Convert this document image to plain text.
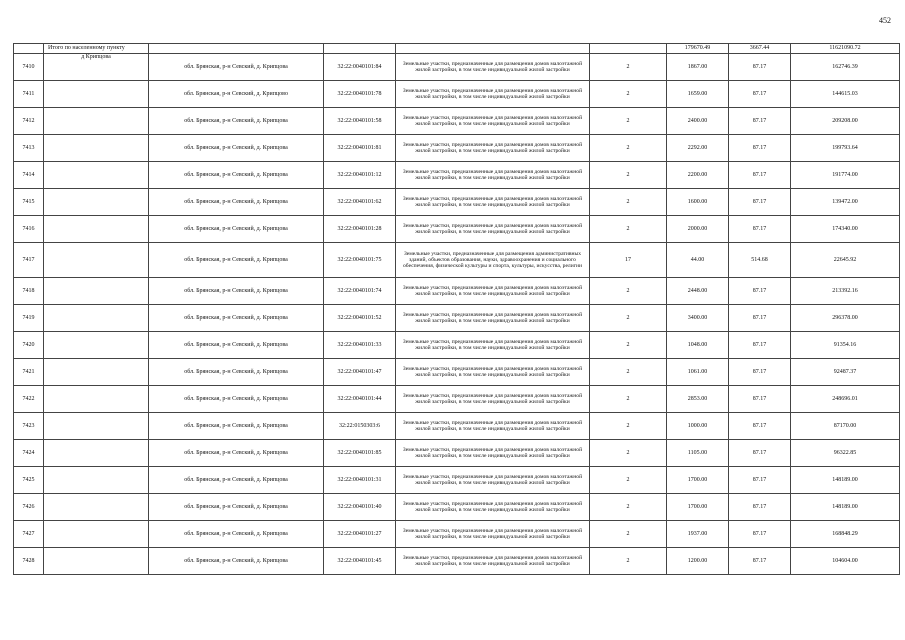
452
	Итого по населенному пункту					179670.49	3667.44	11621090.72
7410	д Крипцова	обл. Брянская, р-н Севский, д. Крипцова	32:22:0040101:84	Земельные участки, предназначенные для размещения домов малоэтажной жилой застройки, в том числе индивидуальной жилой застройки	2	1867.00	87.17	162746.39
7411		обл. Брянская, р-н Севский, д. Крипцово	32:22:0040101:78	Земельные участки, предназначенные для размещения домов малоэтажной жилой застройки, в том числе индивидуальной жилой застройки	2	1659.00	87.17	144615.03
7412		обл. Брянская, р-н Севский, д. Крипцова	32:22:0040101:58	Земельные участки, предназначенные для размещения домов малоэтажной жилой застройки, в том числе индивидуальной жилой застройки	2	2400.00	87.17	209208.00
7413		обл. Брянская, р-н Севский, д. Крипцова	32:22:0040101:81	Земельные участки, предназначенные для размещения домов малоэтажной жилой застройки, в том числе индивидуальной жилой застройки	2	2292.00	87.17	199793.64
7414		обл. Брянская, р-н Севский, д. Крипцова	32:22:0040101:12	Земельные участки, предназначенные для размещения домов малоэтажной жилой застройки, в том числе индивидуальной жилой застройки	2	2200.00	87.17	191774.00
7415		обл. Брянская, р-н Севский, д. Крипцова	32:22:0040101:62	Земельные участки, предназначенные для размещения домов малоэтажной жилой застройки, в том числе индивидуальной жилой застройки	2	1600.00	87.17	139472.00
7416		обл. Брянская, р-н Севский, д. Крипцова	32:22:0040101:28	Земельные участки, предназначенные для размещения домов малоэтажной жилой застройки, в том числе индивидуальной жилой застройки	2	2000.00	87.17	174340.00
7417		обл. Брянская, р-н Севский, д. Крипцова	32:22:0040101:75	Земельные участки, предназначенные для размещения административных зданий, объектов образования, науки, здравоохранения и социального обеспечения, физической культуры и спорта, культуры, искусства, религии	17	44.00	514.68	22645.92
7418		обл. Брянская, р-н Севский, д. Крипцова	32:22:0040101:74	Земельные участки, предназначенные для размещения домов малоэтажной жилой застройки, в том числе индивидуальной жилой застройки	2	2448.00	87.17	213392.16
7419		обл. Брянская, р-н Севский, д. Крипцова	32:22:0040101:52	Земельные участки, предназначенные для размещения домов малоэтажной жилой застройки, в том числе индивидуальной жилой застройки	2	3400.00	87.17	296378.00
7420		обл. Брянская, р-н Севский, д. Крипцова	32:22:0040101:33	Земельные участки, предназначенные для размещения домов малоэтажной жилой застройки, в том числе индивидуальной жилой застройки	2	1048.00	87.17	91354.16
7421		обл. Брянская, р-н Севский, д. Крипцова	32:22:0040101:47	Земельные участки, предназначенные для размещения домов малоэтажной жилой застройки, в том числе индивидуальной жилой застройки	2	1061.00	87.17	92487.37
7422		обл. Брянская, р-н Севский, д. Крипцова	32:22:0040101:44	Земельные участки, предназначенные для размещения домов малоэтажной жилой застройки, в том числе индивидуальной жилой застройки	2	2853.00	87.17	248696.01
7423		обл. Брянская, р-н Севский, д. Крипцова	32:22:0150303:6	Земельные участки, предназначенные для размещения домов малоэтажной жилой застройки, в том числе индивидуальной жилой застройки	2	1000.00	87.17	87170.00
7424		обл. Брянская, р-н Севский, д. Крипцова	32:22:0040101:85	Земельные участки, предназначенные для размещения домов малоэтажной жилой застройки, в том числе индивидуальной жилой застройки	2	1105.00	87.17	96322.85
7425		обл. Брянская, р-н Севский, д. Крипцова	32:22:0040101:31	Земельные участки, предназначенные для размещения домов малоэтажной жилой застройки, в том числе индивидуальной жилой застройки	2	1700.00	87.17	148189.00
7426		обл. Брянская, р-н Севский, д. Крипцова	32:22:0040101:40	Земельные участки, предназначенные для размещения домов малоэтажной жилой застройки, в том числе индивидуальной жилой застройки	2	1700.00	87.17	148189.00
7427		обл. Брянская, р-н Севский, д. Крипцова	32:22:0040101:27	Земельные участки, предназначенные для размещения домов малоэтажной жилой застройки, в том числе индивидуальной жилой застройки	2	1937.00	87.17	168848.29
7428		обл. Брянская, р-н Севский, д. Крипцова	32:22:0040101:45	Земельные участки, предназначенные для размещения домов малоэтажной жилой застройки, в том числе индивидуальной жилой застройки	2	1200.00	87.17	104604.00
